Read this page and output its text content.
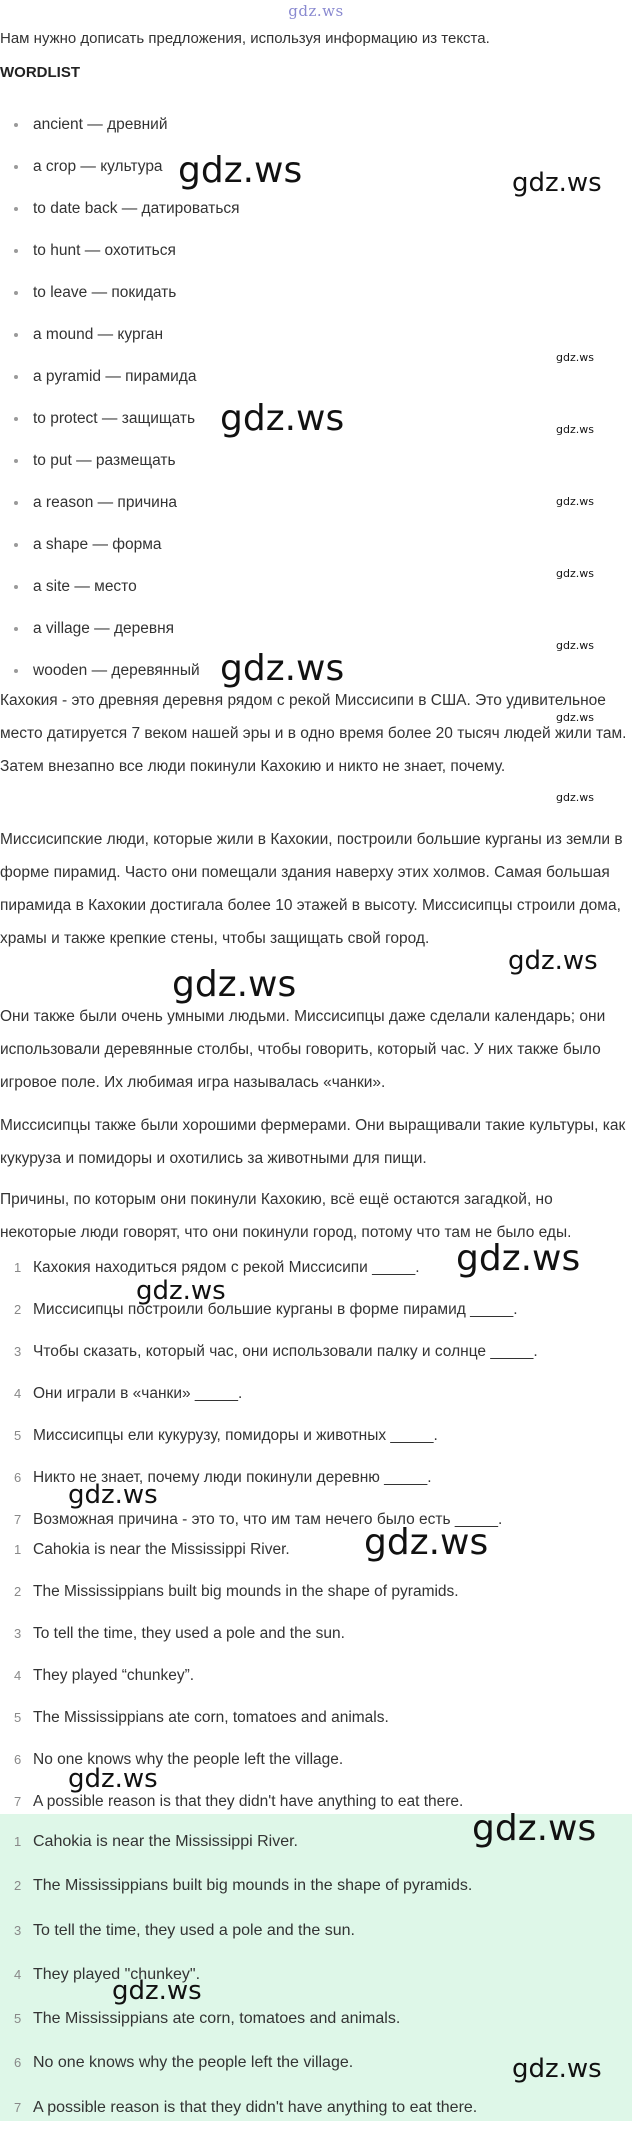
gdz.ws
Нам нужно дописать предложения, используя информацию из текста.
WORDLIST
ancient — древний
a crop — культура
to date back — датироваться
to hunt — охотиться
to leave — покидать
a mound — курган
a pyramid — пирамида
to protect — защищать
to put — размещать
a reason — причина
a shape — форма
a site — место
a village — деревня
wooden — деревянный
Кахокия - это древняя деревня рядом с рекой Миссисипи в США. Это удивительное место датируется 7 веком нашей эры и в одно время более 20 тысяч людей жили там. Затем внезапно все люди покинули Кахокию и никто не знает, почему.
Миссисипские люди, которые жили в Кахокии, построили большие курганы из земли в форме пирамид. Часто они помещали здания наверху этих холмов. Самая большая пирамида в Кахокии достигала более 10 этажей в высоту. Миссисипцы строили дома, храмы и также крепкие стены, чтобы защищать свой город.
Они также были очень умными людьми. Миссисипцы даже сделали календарь; они использовали деревянные столбы, чтобы говорить, который час. У них также было игровое поле. Их любимая игра называлась «чанки».
Миссисипцы также были хорошими фермерами. Они выращивали такие культуры, как кукуруза и помидоры и охотились за животными для пищи.
Причины, по которым они покинули Кахокию, всё ещё остаются загадкой, но некоторые люди говорят, что они покинули город, потому что там не было еды.
1 Кахокия находиться рядом с рекой Миссисипи _____.
2 Миссисипцы построили большие курганы в форме пирамид _____.
3 Чтобы сказать, который час, они использовали палку и солнце _____.
4 Они играли в «чанки» _____.
5 Миссисипцы ели кукурузу, помидоры и животных _____.
6 Никто не знает, почему люди покинули деревню _____.
7 Возможная причина - это то, что им там нечего было есть _____.
1 Cahokia is near the Mississippi River.
2 The Mississippians built big mounds in the shape of pyramids.
3 To tell the time, they used a pole and the sun.
4 They played “chunkey”.
5 The Mississippians ate corn, tomatoes and animals.
6 No one knows why the people left the village.
7 A possible reason is that they didn't have anything to eat there.
1 Cahokia is near the Mississippi River.
2 The Mississippians built big mounds in the shape of pyramids.
3 To tell the time, they used a pole and the sun.
4 They played "chunkey".
5 The Mississippians ate corn, tomatoes and animals.
6 No one knows why the people left the village.
7 A possible reason is that they didn't have anything to eat there.
gdz.ws	gdz.ws
gdz.ws
gdz.ws	gdz.ws
gdz.ws
gdz.ws
gdz.ws
gdz.ws
gdz.ws
gdz.ws
gdz.ws
gdz.ws
gdz.ws
gdz.ws
gdz.ws
gdz.ws
gdz.ws
gdz.ws
gdz.ws
gdz.ws
